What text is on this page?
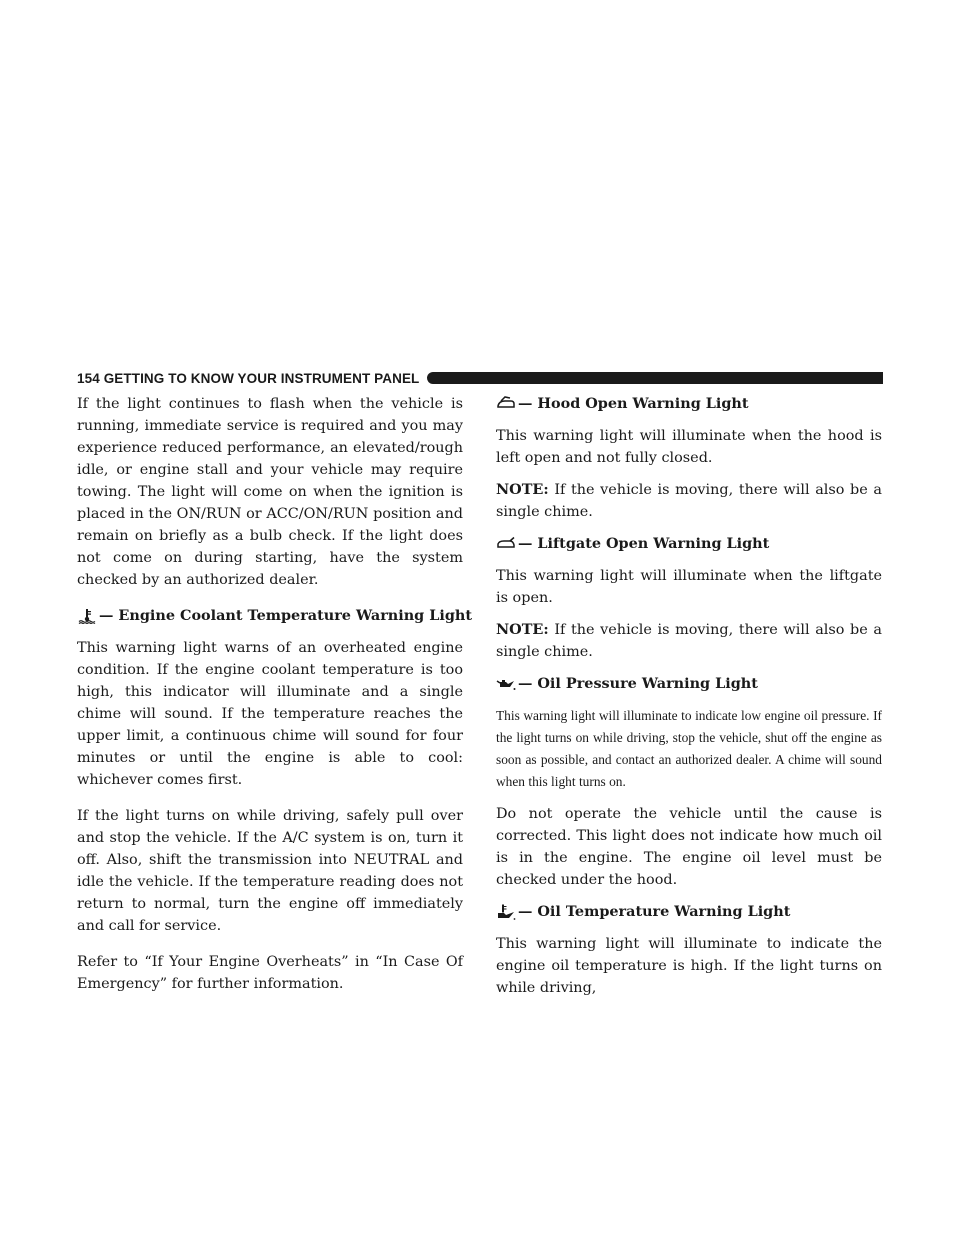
154 GETTING TO KNOW YOUR INSTRUMENT PANEL

If the light continues to flash when the vehicle is running, immediate service is required and you may experience reduced performance, an elevated/rough idle, or engine stall and your vehicle may require towing. The light will come on when the ignition is placed in the ON/RUN or ACC/ON/RUN position and remain on briefly as a bulb check. If the light does not come on during starting, have the system checked by an authorized dealer.

— Engine Coolant Temperature Warning Light

This warning light warns of an overheated engine condition. If the engine coolant temperature is too high, this indicator will illuminate and a single chime will sound. If the temperature reaches the upper limit, a continuous chime will sound for four minutes or until the engine is able to cool: whichever comes first.

If the light turns on while driving, safely pull over and stop the vehicle. If the A/C system is on, turn it off. Also, shift the transmission into NEUTRAL and idle the vehicle. If the temperature reading does not return to normal, turn the engine off immediately and call for service.

Refer to “If Your Engine Overheats” in “In Case Of Emergency” for further information.

— Hood Open Warning Light

This warning light will illuminate when the hood is left open and not fully closed.

NOTE: If the vehicle is moving, there will also be a single chime.

— Liftgate Open Warning Light

This warning light will illuminate when the liftgate is open.

NOTE: If the vehicle is moving, there will also be a single chime.

— Oil Pressure Warning Light

This warning light will illuminate to indicate low engine oil pressure. If the light turns on while driving, stop the vehicle, shut off the engine as soon as possible, and contact an authorized dealer. A chime will sound when this light turns on.

Do not operate the vehicle until the cause is corrected. This light does not indicate how much oil is in the engine. The engine oil level must be checked under the hood.

— Oil Temperature Warning Light

This warning light will illuminate to indicate the engine oil temperature is high. If the light turns on while driving,
